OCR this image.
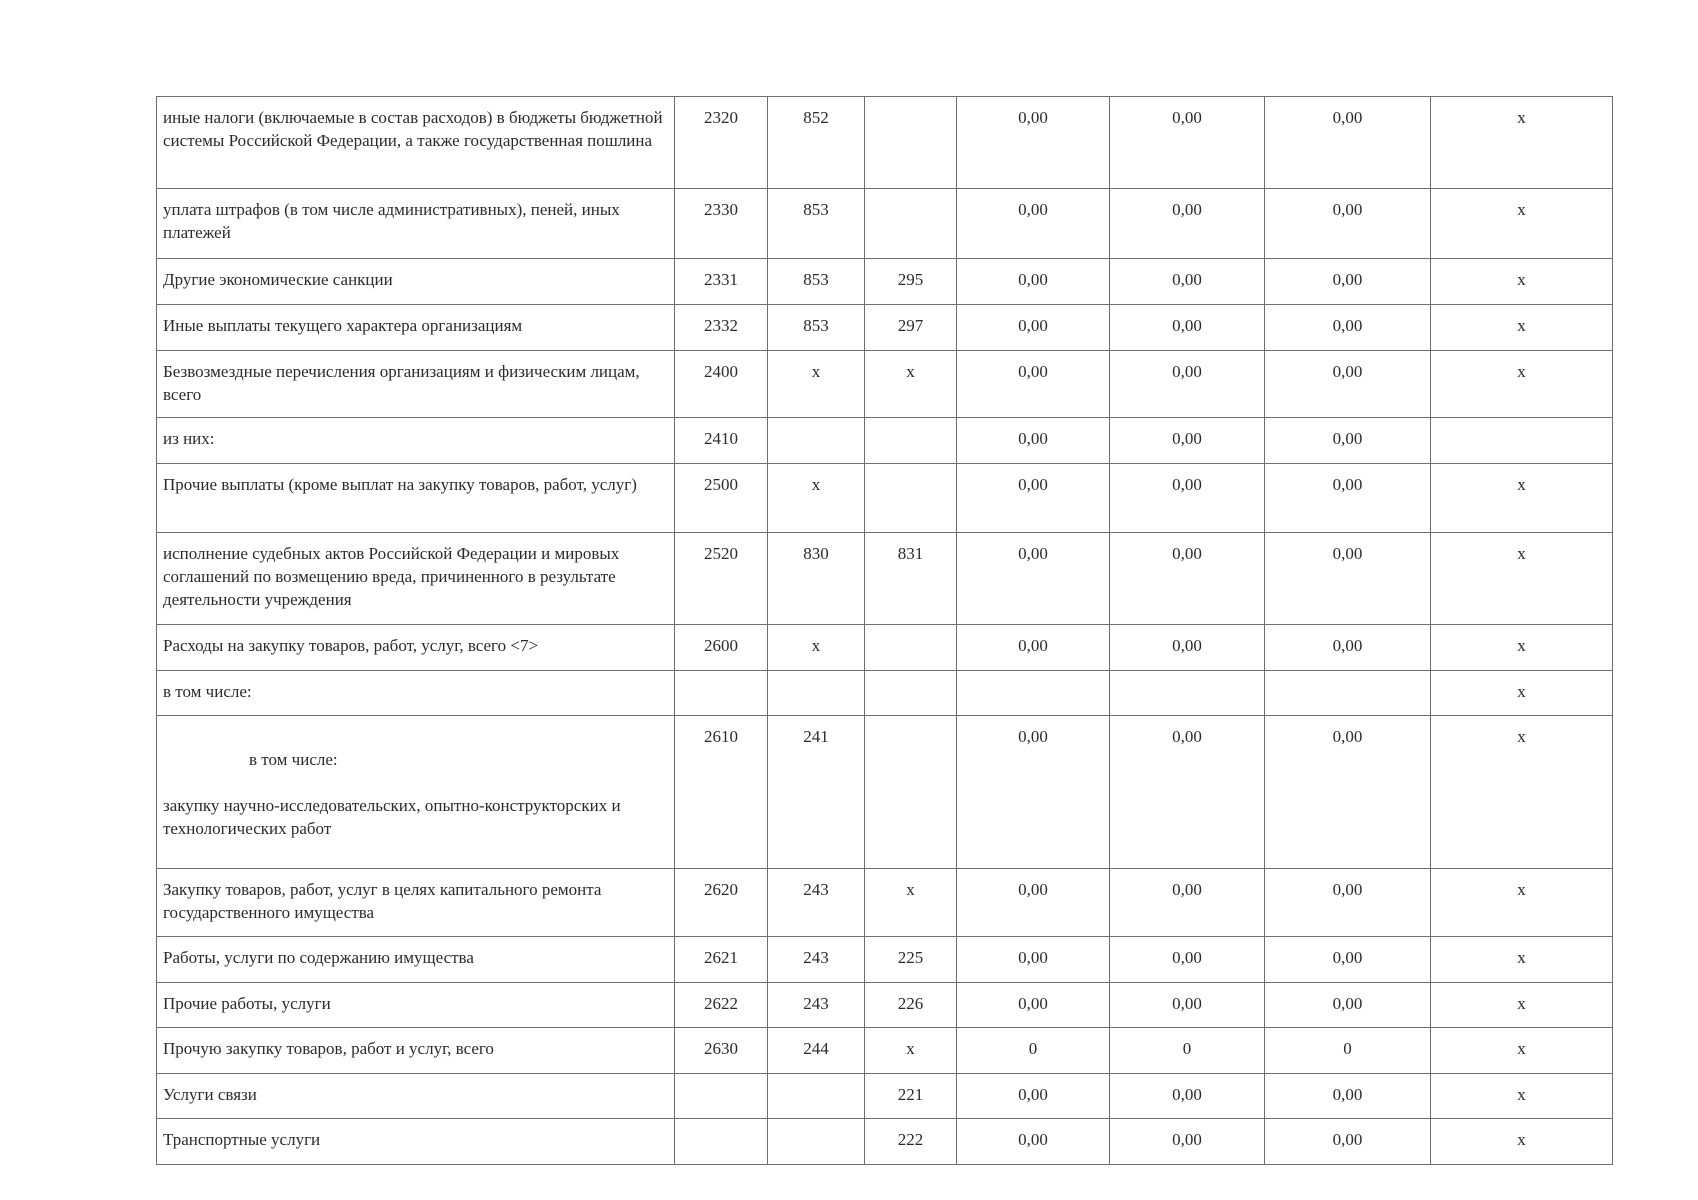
иные налоги (включаемые в состав расходов) в бюджеты бюджетной системы Российской Федерации, а также государственная пошлина	2320	852		0,00	0,00	0,00	x
уплата штрафов (в том числе административных), пеней, иных платежей	2330	853		0,00	0,00	0,00	x
Другие экономические санкции	2331	853	295	0,00	0,00	0,00	x
Иные выплаты текущего характера организациям	2332	853	297	0,00	0,00	0,00	x
Безвозмездные перечисления организациям и физическим лицам, всего	2400	x	x	0,00	0,00	0,00	x
из них:	2410			0,00	0,00	0,00	
Прочие выплаты (кроме выплат на закупку товаров, работ, услуг)	2500	x		0,00	0,00	0,00	x
исполнение судебных актов Российской Федерации и мировых соглашений по возмещению вреда, причиненного в результате деятельности учреждения	2520	830	831	0,00	0,00	0,00	x
Расходы на закупку товаров, работ, услуг, всего <7>	2600	x		0,00	0,00	0,00	x
в том числе:							x

в том числе:

закупку научно-исследовательских, опытно-конструкторских и технологических работ	2610	241		0,00	0,00	0,00	x
Закупку товаров, работ, услуг в целях капитального ремонта государственного имущества	2620	243	x	0,00	0,00	0,00	x
Работы, услуги по содержанию имущества	2621	243	225	0,00	0,00	0,00	x
Прочие работы, услуги	2622	243	226	0,00	0,00	0,00	x
Прочую закупку товаров, работ и услуг, всего	2630	244	x	0	0	0	x
Услуги связи			221	0,00	0,00	0,00	x
Транспортные услуги			222	0,00	0,00	0,00	x
